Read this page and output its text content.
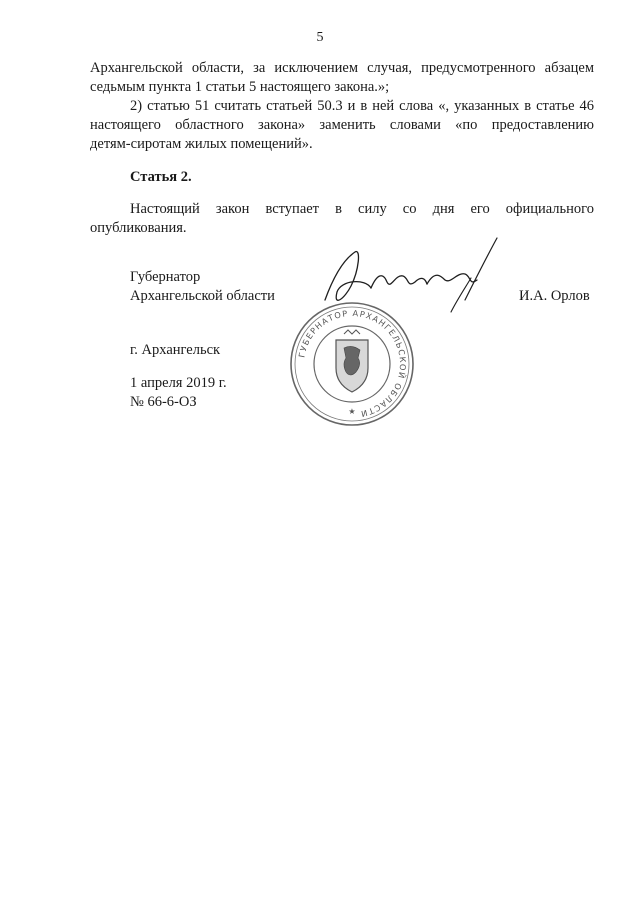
5
Архангельской области, за исключением случая, предусмотренного абзацем
седьмым пункта 1 статьи 5 настоящего закона.»;
2) статью 51 считать статьей 50.3 и в ней слова «, указанных в статье 46
настоящего областного закона» заменить словами «по предоставлению
детям-сиротам жилых помещений».
Статья 2.
Настоящий закон вступает в силу со дня его официального
опубликования.
Губернатор
Архангельской области	И.А. Орлов
г. Архангельск
1 апреля 2019 г.
№ 66-6-ОЗ
ГУБЕРНАТОР АРХАНГЕЛЬСКОЙ ОБЛАСТИ
★
